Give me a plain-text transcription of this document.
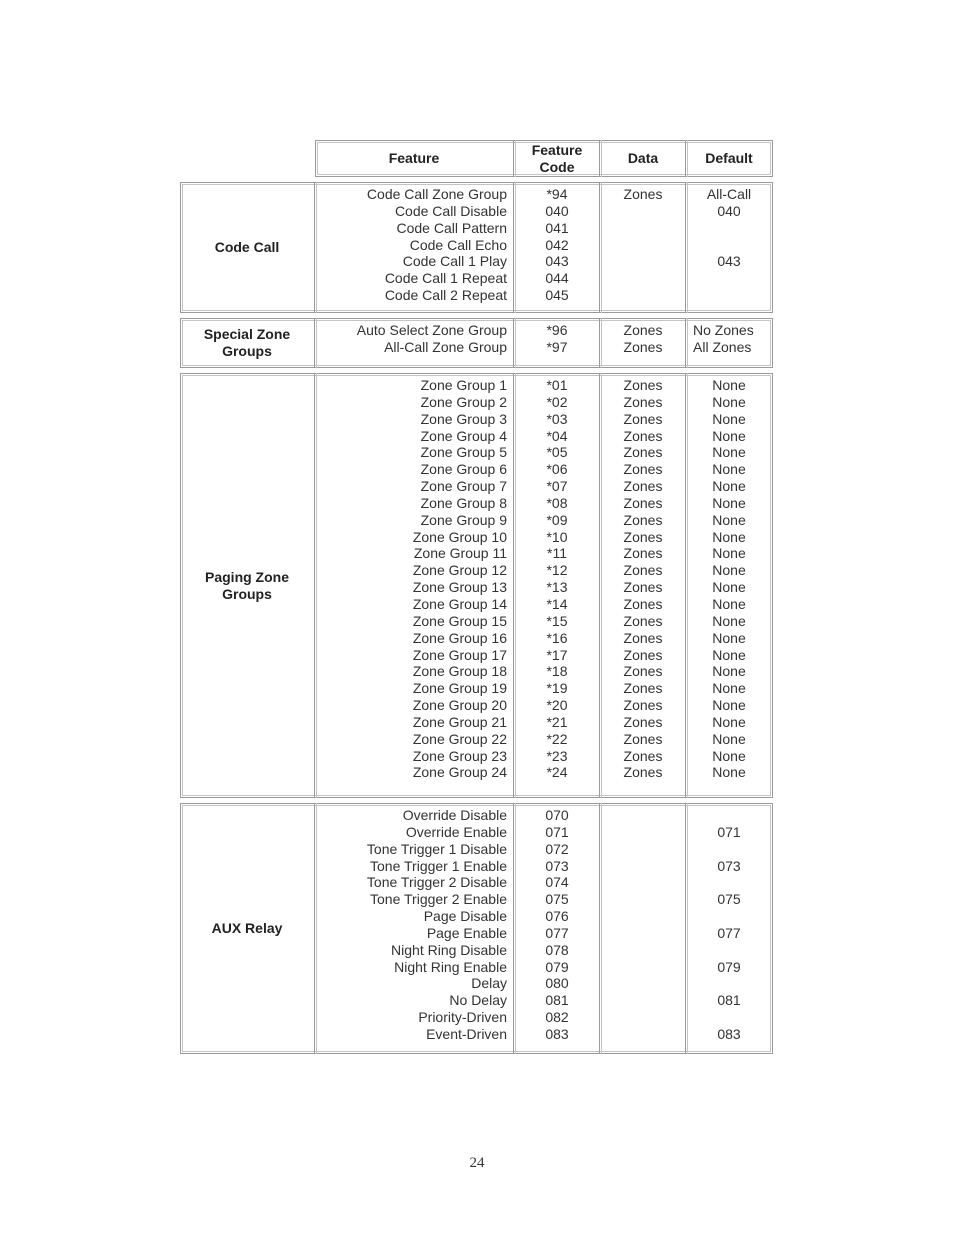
Feature
Feature
Code
Data	Default
Code Call
Code Call Zone Group
Code Call Disable
Code Call Pattern
Code Call Echo
Code Call 1 Play
Code Call 1 Repeat
Code Call 2 Repeat
*94
040
041
042
043
044
045
Zones	All-Call
040
043
Special Zone
Groups
Auto Select Zone Group
All-Call Zone Group
*96
*97
Zones
Zones
No Zones
All Zones
Paging Zone
Groups
Zone Group 1
Zone Group 2
Zone Group 3
Zone Group 4
Zone Group 5
Zone Group 6
Zone Group 7
Zone Group 8
Zone Group 9
Zone Group 10
Zone Group 11
Zone Group 12
Zone Group 13
Zone Group 14
Zone Group 15
Zone Group 16
Zone Group 17
Zone Group 18
Zone Group 19
Zone Group 20
Zone Group 21
Zone Group 22
Zone Group 23
Zone Group 24
*01
*02
*03
*04
*05
*06
*07
*08
*09
*10
*11
*12
*13
*14
*15
*16
*17
*18
*19
*20
*21
*22
*23
*24
Zones
Zones
Zones
Zones
Zones
Zones
Zones
Zones
Zones
Zones
Zones
Zones
Zones
Zones
Zones
Zones
Zones
Zones
Zones
Zones
Zones
Zones
Zones
Zones
None
None
None
None
None
None
None
None
None
None
None
None
None
None
None
None
None
None
None
None
None
None
None
None
AUX Relay
Override Disable
Override Enable
Tone Trigger 1 Disable
Tone Trigger 1 Enable
Tone Trigger 2 Disable
Tone Trigger 2 Enable
Page Disable
Page Enable
Night Ring Disable
Night Ring Enable
Delay
No Delay
Priority-Driven
Event-Driven
070
071
072
073
074
075
076
077
078
079
080
081
082
083
071
073
075
077
079
081
083
24
